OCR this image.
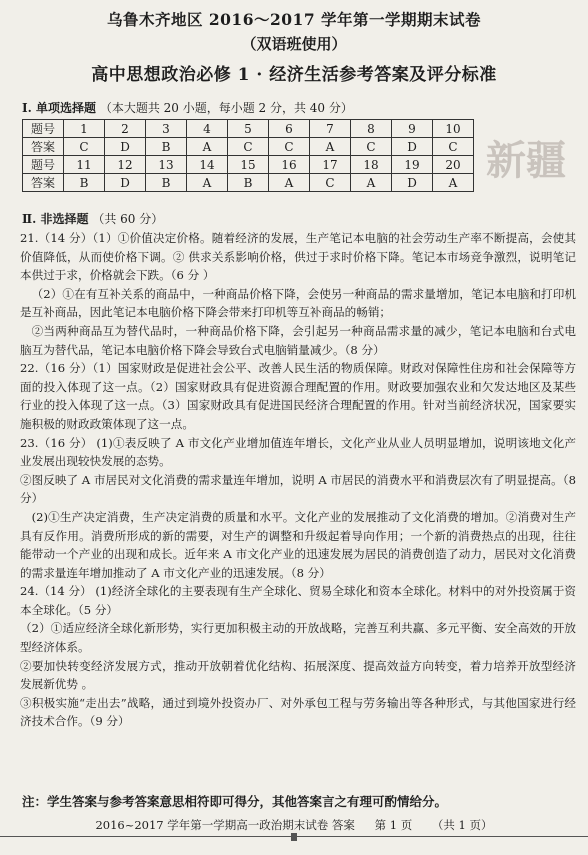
乌鲁木齐地区 2016～2017 学年第一学期期末试卷
（双语班使用）
高中思想政治必修 1 · 经济生活参考答案及评分标准
Ⅰ. 单项选择题 （本大题共 20 小题，每小题 2 分，共 40 分）
题号	1	2	3	4	5	6	7	8	9	10
答案	C	D	B	A	C	C	A	C	D	C
题号	11	12	13	14	15	16	17	18	19	20
答案	B	D	B	A	B	A	C	A	D	A 新疆
Ⅱ. 非选择题 （共 60 分）

21.（14 分）（1）①价值决定价格。随着经济的发展，生产笔记本电脑的社会劳动生产率不断提高，会使其价值降低，从而使价格下调。② 供求关系影响价格，供过于求时价格下降。笔记本市场竞争激烈，说明笔记本供过于求，价格就会下跌。（6 分 ）

（2）①在有互补关系的商品中，一种商品价格下降，会使另一种商品的需求量增加，笔记本电脑和打印机是互补商品，因此笔记本电脑价格下降会带来打印机等互补商品的畅销；

②当两种商品互为替代品时，一种商品价格下降，会引起另一种商品需求量的减少，笔记本电脑和台式电脑互为替代品，笔记本电脑价格下降会导致台式电脑销量减少。（8 分）

22.（16 分）（1）国家财政是促进社会公平、改善人民生活的物质保障。财政对保障性住房和社会保障等方面的投入体现了这一点。（2）国家财政具有促进资源合理配置的作用。财政要加强农业和欠发达地区及某些行业的投入体现了这一点。（3）国家财政具有促进国民经济合理配置的作用。针对当前经济状况，国家要实施积极的财政政策体现了这一点。

23.（16 分） (1)①表反映了 A 市文化产业增加值连年增长，文化产业从业人员明显增加，说明该地文化产业发展出现较快发展的态势。

②图反映了 A 市居民对文化消费的需求量连年增加，说明 A 市居民的消费水平和消费层次有了明显提高。（8 分）

(2)①生产决定消费，生产决定消费的质量和水平。文化产业的发展推动了文化消费的增加。②消费对生产具有反作用。消费所形成的新的需要，对生产的调整和升级起着导向作用；一个新的消费热点的出现，往往能带动一个产业的出现和成长。近年来 A 市文化产业的迅速发展为居民的消费创造了动力，居民对文化消费的需求量连年增加推动了 A 市文化产业的迅速发展。（8 分）

24.（14 分） (1)经济全球化的主要表现有生产全球化、贸易全球化和资本全球化。材料中的对外投资属于资本全球化。（5 分）

（2）①适应经济全球化新形势，实行更加积极主动的开放战略，完善互利共赢、多元平衡、安全高效的开放型经济体系。

②要加快转变经济发展方式，推动开放朝着优化结构、拓展深度、提高效益方向转变，着力培养开放型经济发展新优势 。

③积极实施“走出去”战略，通过到境外投资办厂、对外承包工程与劳务输出等各种形式，与其他国家进行经济技术合作。（9 分）

注：学生答案与参考答案意思相符即可得分，其他答案言之有理可酌情给分。
2016~2017 学年第一学期高一政治期末试卷 答案 第 1 页 （共 1 页）
